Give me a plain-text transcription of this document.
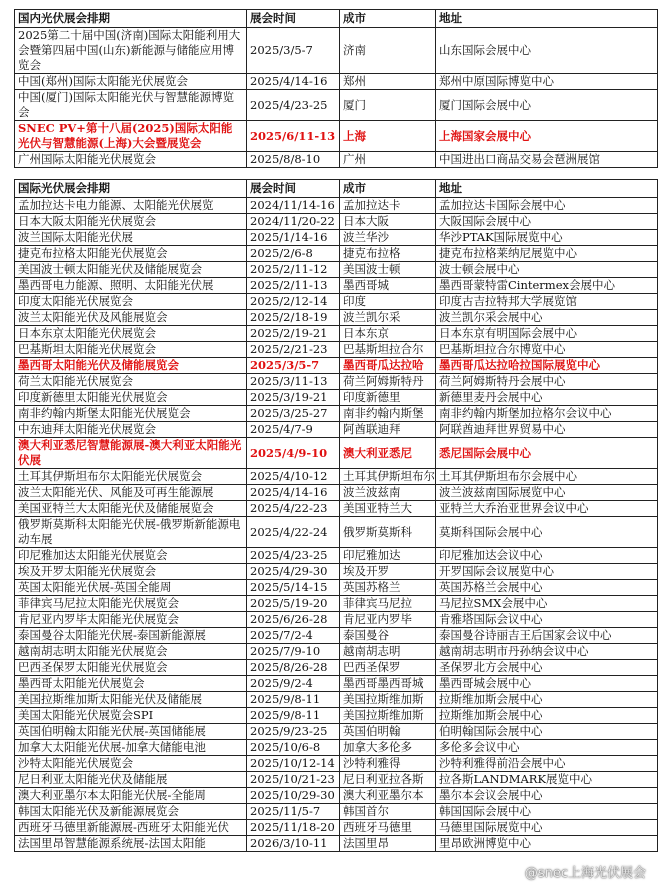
国内光伏展会排期	展会时间	成市	地址
2025第二十届中国(济南)国际太阳能利用大会暨第四届中国(山东)新能源与储能应用博览会	2025/3/5-7	济南	山东国际会展中心
中国(郑州)国际太阳能光伏展览会	2025/4/14-16	郑州	郑州中原国际博览中心
中国(厦门)国际太阳能光伏与智慧能源博览会	2025/4/23-25	厦门	厦门国际会展中心
SNEC PV+第十八届(2025)国际太阳能光伏与智慧能源(上海)大会暨展览会	2025/6/11-13	上海	上海国家会展中心
广州国际太阳能光伏展览会	2025/8/8-10	广州	中国进出口商品交易会琶洲展馆
国际光伏展会排期	展会时间	成市	地址
孟加拉达卡电力能源、太阳能光伏展览	2024/11/14-16	孟加拉达卡	孟加拉达卡国际会展中心
日本大阪太阳能光伏展览会	2024/11/20-22	日本大阪	大阪国际会展中心
波兰国际太阳能光伏展	2025/1/14-16	波兰华沙	华沙PTAK国际展览中心
捷克布拉格太阳能光伏展览会	2025/2/6-8	捷克布拉格	捷克布拉格莱纳尼展览中心
美国波士顿太阳能光伏及储能展览会	2025/2/11-12	美国波士顿	波士顿会展中心
墨西哥电力能源、照明、太阳能光伏展	2025/2/11-13	墨西哥城	墨西哥蒙特雷Cintermex会展中心
印度太阳能光伏展览会	2025/2/12-14	印度	印度古吉拉特邦大学展览馆
波兰太阳能光伏及风能展览会	2025/2/18-19	波兰凯尔采	波兰凯尔采会展中心
日本东京太阳能光伏展览会	2025/2/19-21	日本东京	日本东京有明国际会展中心
巴基斯坦太阳能光伏展览会	2025/2/21-23	巴基斯坦拉合尔	巴基斯坦拉合尔博览中心
墨西哥太阳能光伏及储能展览会	2025/3/5-7	墨西哥瓜达拉哈	墨西哥瓜达拉哈拉国际展览中心
荷兰太阳能光伏展览会	2025/3/11-13	荷兰阿姆斯特丹	荷兰阿姆斯特丹会展中心
印度新德里太阳能光伏展览会	2025/3/19-21	印度新德里	新德里麦丹会展中心
南非约翰内斯堡太阳能光伏展览会	2025/3/25-27	南非约翰内斯堡	南非约翰内斯堡加拉格尔会议中心
中东迪拜太阳能光伏展览会	2025/4/7-9	阿酋联迪拜	阿联酋迪拜世界贸易中心
澳大利亚悉尼智慧能源展-澳大利亚太阳能光伏展	2025/4/9-10	澳大利亚悉尼	悉尼国际会展中心
土耳其伊斯坦布尔太阳能光伏展览会	2025/4/10-12	土耳其伊斯坦布尔	土耳其伊斯坦布尔会展中心
波兰太阳能光伏、风能及可再生能源展	2025/4/14-16	波兰波兹南	波兰波兹南国际展览中心
美国亚特兰大太阳能光伏及储能展览会	2025/4/22-23	美国亚特兰大	亚特兰大乔治亚世界会议中心
俄罗斯莫斯科太阳能光伏展-俄罗斯新能源电动车展	2025/4/22-24	俄罗斯莫斯科	莫斯科国际会展中心
印尼雅加达太阳能光伏展览会	2025/4/23-25	印尼雅加达	印尼雅加达会议中心
埃及开罗太阳能光伏展览会	2025/4/29-30	埃及开罗	开罗国际会议展览中心
英国太阳能光伏展-英国全能周	2025/5/14-15	英国苏格兰	英国苏格兰会展中心
菲律宾马尼拉太阳能光伏展览会	2025/5/19-20	菲律宾马尼拉	马尼拉SMX会展中心
肯尼亚内罗毕太阳能光伏展览会	2025/6/26-28	肯尼亚内罗毕	肯雅塔国际会议中心
泰国曼谷太阳能光伏展-泰国新能源展	2025/7/2-4	泰国曼谷	泰国曼谷诗丽吉王后国家会议中心
越南胡志明太阳能光伏展览会	2025/7/9-10	越南胡志明	越南胡志明市丹孙纳会议中心
巴西圣保罗太阳能光伏展览会	2025/8/26-28	巴西圣保罗	圣保罗北方会展中心
墨西哥太阳能光伏展览会	2025/9/2-4	墨西哥墨西哥城	墨西哥城会展中心
美国拉斯维加斯太阳能光伏及储能展	2025/9/8-11	美国拉斯维加斯	拉斯维加斯会展中心
美国太阳能光伏展览会SPI	2025/9/8-11	美国拉斯维加斯	拉斯维加斯会展中心
英国伯明翰太阳能光伏展-英国储能展	2025/9/23-25	英国伯明翰	伯明翰国际会展中心
加拿大太阳能光伏展-加拿大储能电池	2025/10/6-8	加拿大多伦多	多伦多会议中心
沙特太阳能光伏展览会	2025/10/12-14	沙特利雅得	沙特利雅得前沿会展中心
尼日利亚太阳能光伏及储能展	2025/10/21-23	尼日利亚拉各斯	拉各斯LANDMARK展览中心
澳大利亚墨尔本太阳能光伏展-全能周	2025/10/29-30	澳大利亚墨尔本	墨尔本会议会展中心
韩国太阳能光伏及新能源展览会	2025/11/5-7	韩国首尔	韩国国际会展中心
西班牙马德里新能源展-西班牙太阳能光伏	2025/11/18-20	西班牙马德里	马德里国际展览中心
法国里昂智慧能源系统展-法国太阳能	2026/3/10-11	法国里昂	里昂欧洲博览中心
@snec上海光伏展会
